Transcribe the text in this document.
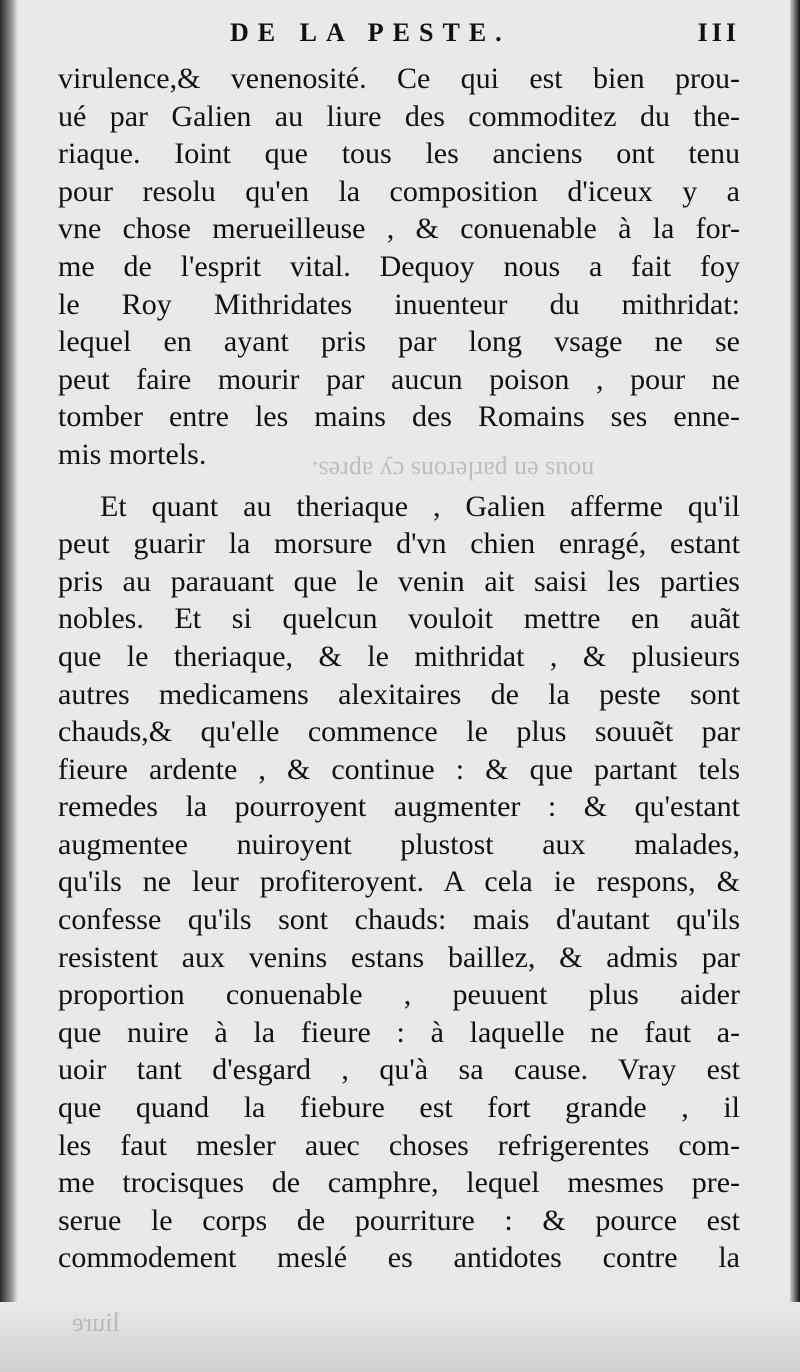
DE LA PESTE.	III
nous en parlerons cy apres.
liure
virulence,& venenosité. Ce qui est bien prou-
ué par Galien au liure des commoditez du the-
riaque. Ioint que tous les anciens ont tenu
pour resolu qu'en la composition d'iceux y a
vne chose merueilleuse , & conuenable à la for-
me de l'esprit vital. Dequoy nous a fait foy
le Roy Mithridates inuenteur du mithridat:
lequel en ayant pris par long vsage ne se
peut faire mourir par aucun poison , pour ne
tomber entre les mains des Romains ses enne-
mis mortels.
Et quant au theriaque , Galien afferme qu'il
peut guarir la morsure d'vn chien enragé, estant
pris au parauant que le venin ait saisi les parties
nobles. Et si quelcun vouloit mettre en auãt
que le theriaque, & le mithridat , & plusieurs
autres medicamens alexitaires de la peste sont
chauds,& qu'elle commence le plus souuẽt par
fieure ardente , & continue : & que partant tels
remedes la pourroyent augmenter : & qu'estant
augmentee nuiroyent plustost aux malades,
qu'ils ne leur profiteroyent. A cela ie respons, &
confesse qu'ils sont chauds: mais d'autant qu'ils
resistent aux venins estans baillez, & admis par
proportion conuenable , peuuent plus aider
que nuire à la fieure : à laquelle ne faut a-
uoir tant d'esgard , qu'à sa cause. Vray est
que quand la fiebure est fort grande , il
les faut mesler auec choses refrigerentes com-
me trocisques de camphre, lequel mesmes pre-
serue le corps de pourriture : & pource est
commodement meslé es antidotes contre la
